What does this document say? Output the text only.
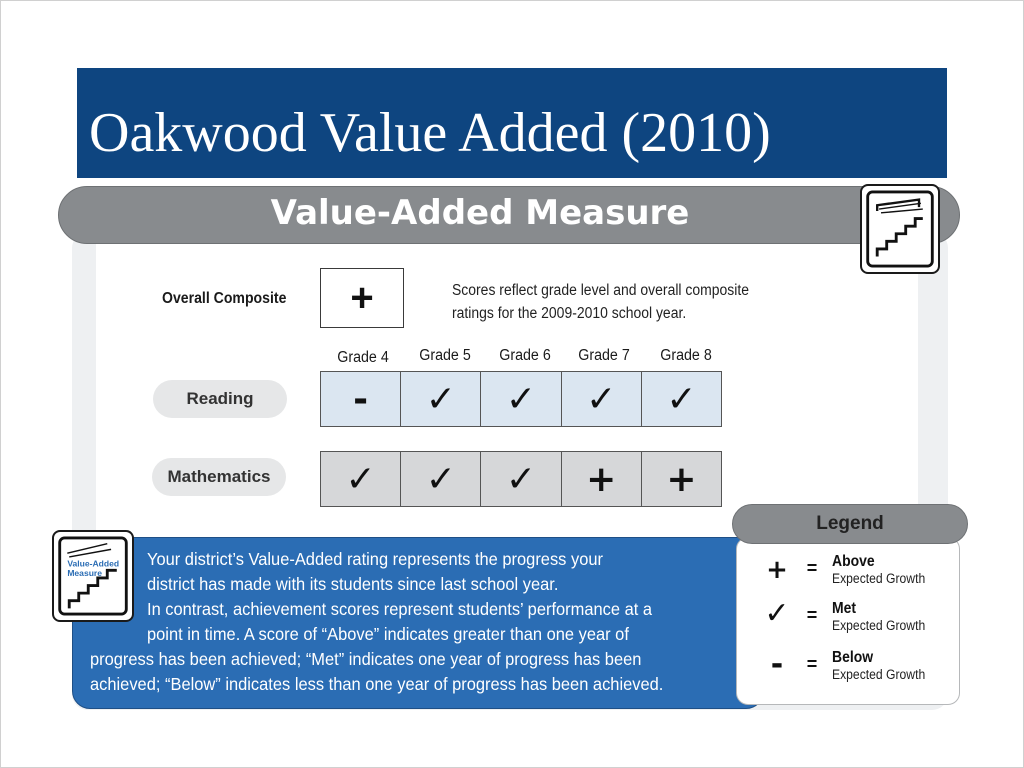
Oakwood Value Added (2010)
Value-Added Measure
Overall Composite	+	Scores reflect grade level and overall composite
ratings for the 2009-2010 school year.
Grade 4	Grade 5	Grade 6	Grade 7	Grade 8
Reading	-	✓	✓	✓	✓
Mathematics	✓	✓	✓	+	+
Your district’s Value-Added rating represents the progress your
district has made with its students since last school year.
In contrast, achievement scores represent students’ performance at a
point in time. A score of “Above” indicates greater than one year of
progress has been achieved; “Met” indicates one year of progress has been
achieved; “Below” indicates less than one year of progress has been achieved.
Value-Added
Measure
Legend
+	= Above
Expected Growth
✓ = Met
Expected Growth
-	= Below
Expected Growth
